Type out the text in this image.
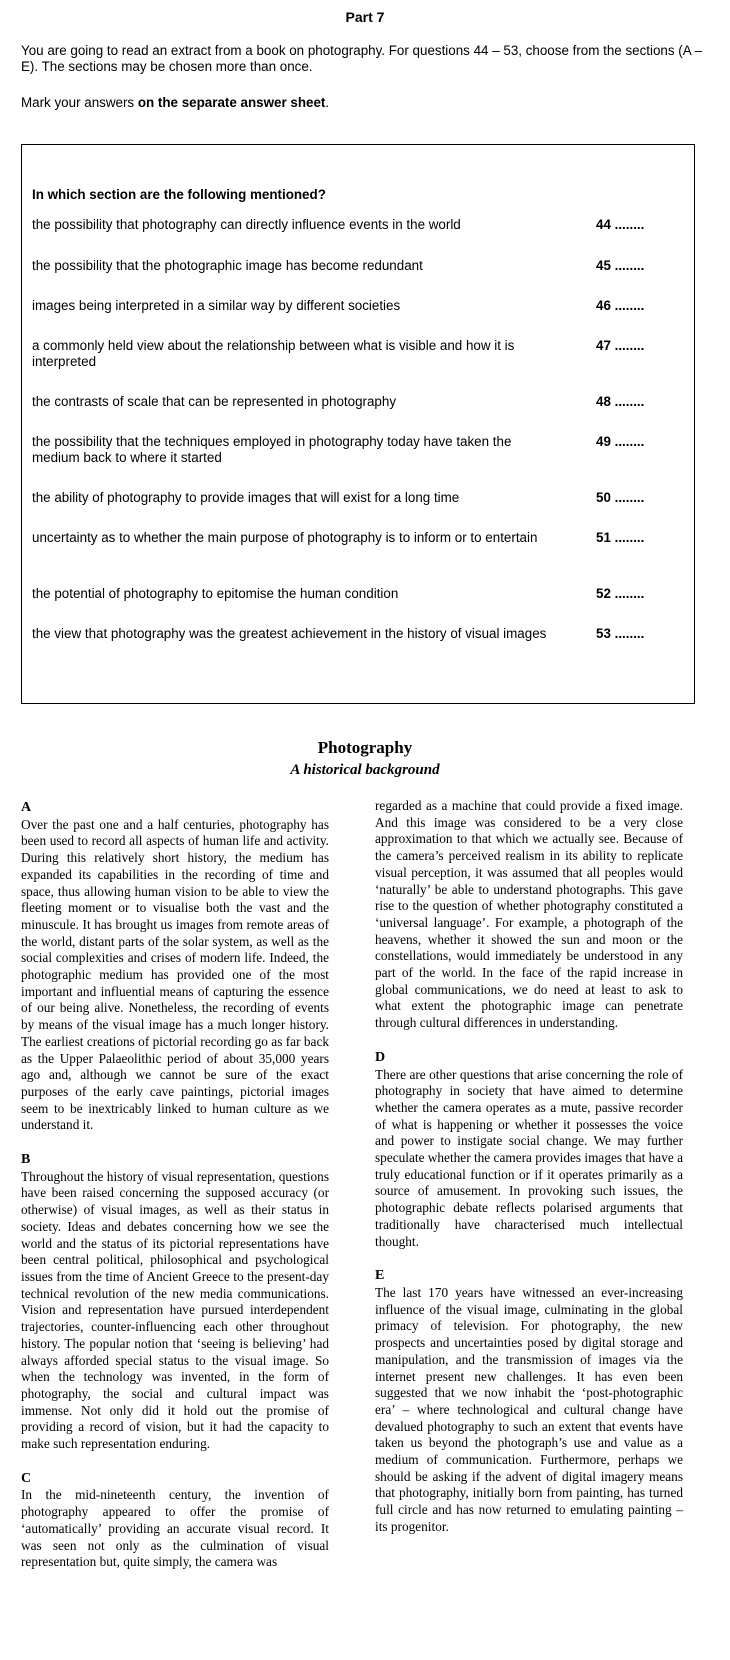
Part 7

You are going to read an extract from a book on photography. For questions 44 – 53, choose from the sections (A – E). The sections may be chosen more than once.

Mark your answers on the separate answer sheet.

In which section are the following mentioned?
the possibility that photography can directly influence events in the world	44 ........
the possibility that the photographic image has become redundant	45 ........
images being interpreted in a similar way by different societies	46 ........
a commonly held view about the relationship between what is visible and how it is interpreted
47 ........
the contrasts of scale that can be represented in photography	48 ........
the possibility that the techniques employed in photography today have taken the medium back to where it started
49 ........
the ability of photography to provide images that will exist for a long time	50 ........
uncertainty as to whether the main purpose of photography is to inform or to entertain	51 ........
the potential of photography to epitomise the human condition	52 ........
the view that photography was the greatest achievement in the history of visual images	53 ........
Photography
A historical background

A

Over the past one and a half centuries, photography has been used to record all aspects of human life and activity. During this relatively short history, the medium has expanded its capabilities in the recording of time and space, thus allowing human vision to be able to view the fleeting moment or to visualise both the vast and the minuscule. It has brought us images from remote areas of the world, distant parts of the solar system, as well as the social complexities and crises of modern life. Indeed, the photographic medium has provided one of the most important and influential means of capturing the essence of our being alive. Nonetheless, the recording of events by means of the visual image has a much longer history. The earliest creations of pictorial recording go as far back as the Upper Palaeolithic period of about 35,000 years ago and, although we cannot be sure of the exact purposes of the early cave paintings, pictorial images seem to be inextricably linked to human culture as we understand it.

B

Throughout the history of visual representation, questions have been raised concerning the supposed accuracy (or otherwise) of visual images, as well as their status in society. Ideas and debates concerning how we see the world and the status of its pictorial representations have been central political, philosophical and psychological issues from the time of Ancient Greece to the present-day technical revolution of the new media communications. Vision and representation have pursued interdependent trajectories, counter-influencing each other throughout history. The popular notion that ‘seeing is believing’ had always afforded special status to the visual image. So when the technology was invented, in the form of photography, the social and cultural impact was immense. Not only did it hold out the promise of providing a record of vision, but it had the capacity to make such representation enduring.

C

In the mid-nineteenth century, the invention of photography appeared to offer the promise of ‘automatically’ providing an accurate visual record. It was seen not only as the culmination of visual representation but, quite simply, the camera was

regarded as a machine that could provide a fixed image. And this image was considered to be a very close approximation to that which we actually see. Because of the camera’s perceived realism in its ability to replicate visual perception, it was assumed that all peoples would ‘naturally’ be able to understand photographs. This gave rise to the question of whether photography constituted a ‘universal language’. For example, a photograph of the heavens, whether it showed the sun and moon or the constellations, would immediately be understood in any part of the world. In the face of the rapid increase in global communications, we do need at least to ask to what extent the photographic image can penetrate through cultural differences in understanding.

D

There are other questions that arise concerning the role of photography in society that have aimed to determine whether the camera operates as a mute, passive recorder of what is happening or whether it possesses the voice and power to instigate social change. We may further speculate whether the camera provides images that have a truly educational function or if it operates primarily as a source of amusement. In provoking such issues, the photographic debate reflects polarised arguments that traditionally have characterised much intellectual thought.

E

The last 170 years have witnessed an ever-increasing influence of the visual image, culminating in the global primacy of television. For photography, the new prospects and uncertainties posed by digital storage and manipulation, and the transmission of images via the internet present new challenges. It has even been suggested that we now inhabit the ‘post-photographic era’ – where technological and cultural change have devalued photography to such an extent that events have taken us beyond the photograph’s use and value as a medium of communication. Furthermore, perhaps we should be asking if the advent of digital imagery means that photography, initially born from painting, has turned full circle and has now returned to emulating painting – its progenitor.
